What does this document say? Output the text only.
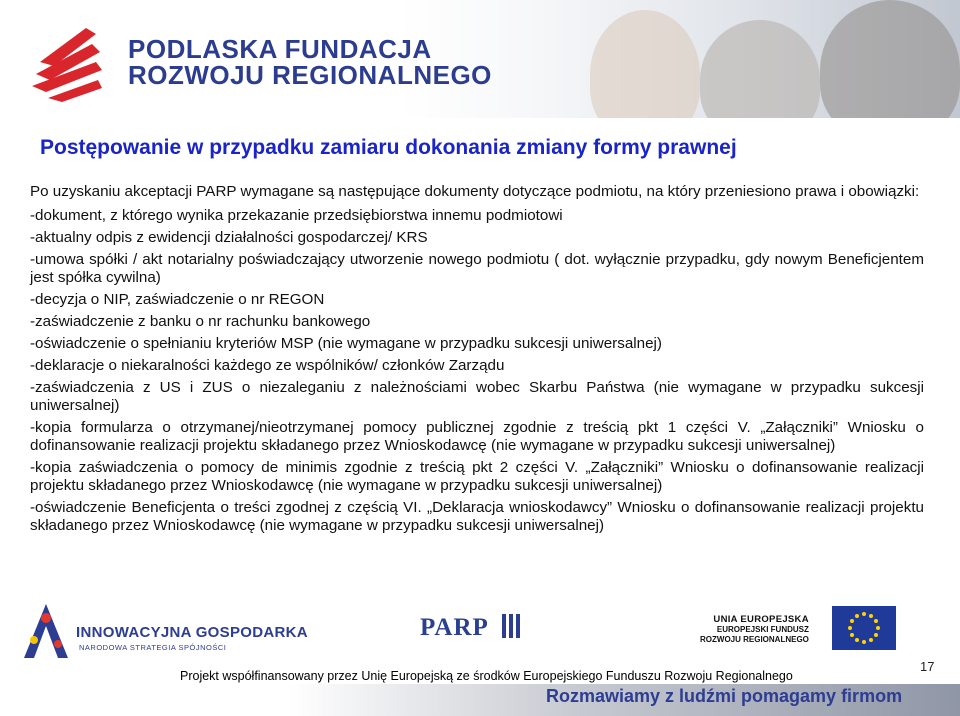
PODLASKA FUNDACJA
ROZWOJU REGIONALNEGO
Postępowanie w przypadku zamiaru dokonania zmiany formy prawnej

Po uzyskaniu akceptacji PARP wymagane są następujące dokumenty dotyczące podmiotu, na który przeniesiono prawa i obowiązki:

-dokument, z którego wynika przekazanie przedsiębiorstwa innemu podmiotowi

-aktualny odpis z ewidencji działalności gospodarczej/ KRS

-umowa spółki / akt notarialny poświadczający utworzenie nowego podmiotu ( dot. wyłącznie przypadku, gdy nowym Beneficjentem jest spółka cywilna)

-decyzja o NIP, zaświadczenie o nr REGON

-zaświadczenie z banku o nr rachunku bankowego

-oświadczenie o spełnianiu kryteriów MSP (nie wymagane w przypadku sukcesji uniwersalnej)

-deklaracje o niekaralności każdego ze wspólników/ członków Zarządu

-zaświadczenia z US i ZUS o niezaleganiu z należnościami wobec Skarbu Państwa (nie wymagane w przypadku sukcesji uniwersalnej)

-kopia formularza o otrzymanej/nieotrzymanej pomocy publicznej zgodnie z treścią pkt 1 części V. „Załączniki” Wniosku o dofinansowanie realizacji projektu składanego przez Wnioskodawcę (nie wymagane w przypadku sukcesji uniwersalnej)

-kopia zaświadczenia o pomocy de minimis zgodnie z treścią pkt 2 części V. „Załączniki” Wniosku o dofinansowanie realizacji projektu składanego przez Wnioskodawcę (nie wymagane w przypadku sukcesji uniwersalnej)

-oświadczenie Beneficjenta o treści zgodnej z częścią VI. „Deklaracja wnioskodawcy” Wniosku o dofinansowanie realizacji projektu składanego przez Wnioskodawcę (nie wymagane w przypadku sukcesji uniwersalnej)

INNOWACYJNA GOSPODARKA
NARODOWA STRATEGIA SPÓJNOŚCI
PARP	UNIA EUROPEJSKA
EUROPEJSKI FUNDUSZ
ROZWOJU REGIONALNEGO
17
Projekt współfinansowany przez Unię Europejską ze środków Europejskiego Funduszu Rozwoju Regionalnego
Rozmawiamy z ludźmi pomagamy firmom
